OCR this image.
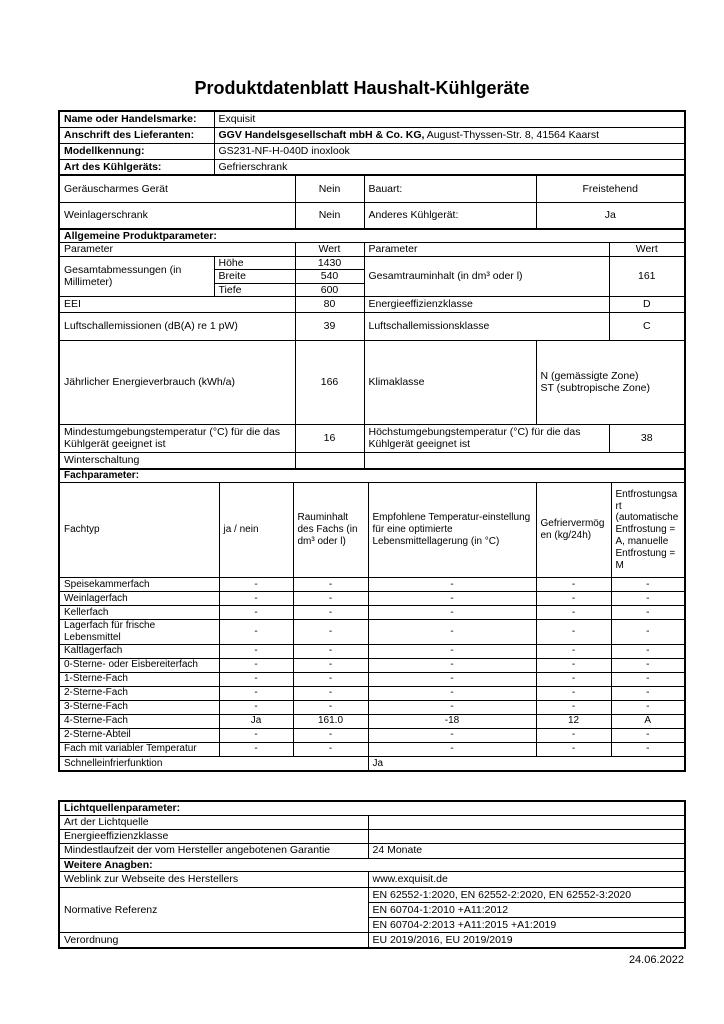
Produktdatenblatt Haushalt-Kühlgeräte
Name oder Handelsmarke:	Exquisit
Anschrift des Lieferanten:	GGV Handelsgesellschaft mbH & Co. KG, August-Thyssen-Str. 8, 41564 Kaarst
Modellkennung:	GS231-NF-H-040D inoxlook
Art des Kühlgeräts:	Gefrierschrank
Geräuscharmes Gerät	Nein	Bauart:	Freistehend
Weinlagerschrank	Nein	Anderes Kühlgerät:	Ja
Allgemeine Produktparameter:					
Parameter		Wert	Parameter		Wert
Gesamtabmessungen (in Millimeter)	Höhe	1430	Gesamtrauminhalt (in dm³ oder l)		161
	Breite	540			
	Tiefe	600			
EEI		80	Energieeffizienzklasse		D
Luftschallemissionen (dB(A) re 1 pW)		39	Luftschallemissionsklasse		C
Jährlicher Energieverbrauch (kWh/a)		166	Klimaklasse	N (gemässigte Zone)
ST (subtropische Zone)	

Mindestumgebungstemperatur (°C) für die das Kühlgerät geeignet ist		16	Höchstumgebungstemperatur (°C) für die das Kühlgerät geeignet ist		38
Winterschaltung					
Fachparameter:					
Fachtyp	ja / nein	Rauminhalt des Fachs (in dm³ oder l)	Empfohlene Temperatur-einstellung für eine optimierte Lebensmittellagerung (in °C)	Gefriervermögen (kg/24h)	Entfrostungsart (automatische Entfrostung = A, manuelle Entfrostung = M
Speisekammerfach	-	-	-	-	-
Weinlagerfach	-	-	-	-	-
Kellerfach	-	-	-	-	-
Lagerfach für frische Lebensmittel	-	-	-	-	-
Kaltlagerfach	-	-	-	-	-
0-Sterne- oder Eisbereiterfach	-	-	-	-	-
1-Sterne-Fach	-	-	-	-	-
2-Sterne-Fach	-	-	-	-	-
3-Sterne-Fach	-	-	-	-	-
4-Sterne-Fach	Ja	161.0	-18	12	A
2-Sterne-Abteil	-	-	-	-	-
Fach mit variabler Temperatur	-	-	-	-	-
Schnelleinfrierfunktion			Ja		
Lichtquellenparameter:	
Art der Lichtquelle	
Energieeffizienzklasse	
Mindestlaufzeit der vom Hersteller angebotenen Garantie	24 Monate
Weitere Anagben:	
Weblink zur Webseite des Herstellers	www.exquisit.de
Normative Referenz	EN 62552-1:2020, EN 62552-2:2020, EN 62552-3:2020
	EN 60704-1:2010 +A11:2012
	EN 60704-2:2013 +A11:2015 +A1:2019
Verordnung	EU 2019/2016, EU 2019/2019
24.06.2022
